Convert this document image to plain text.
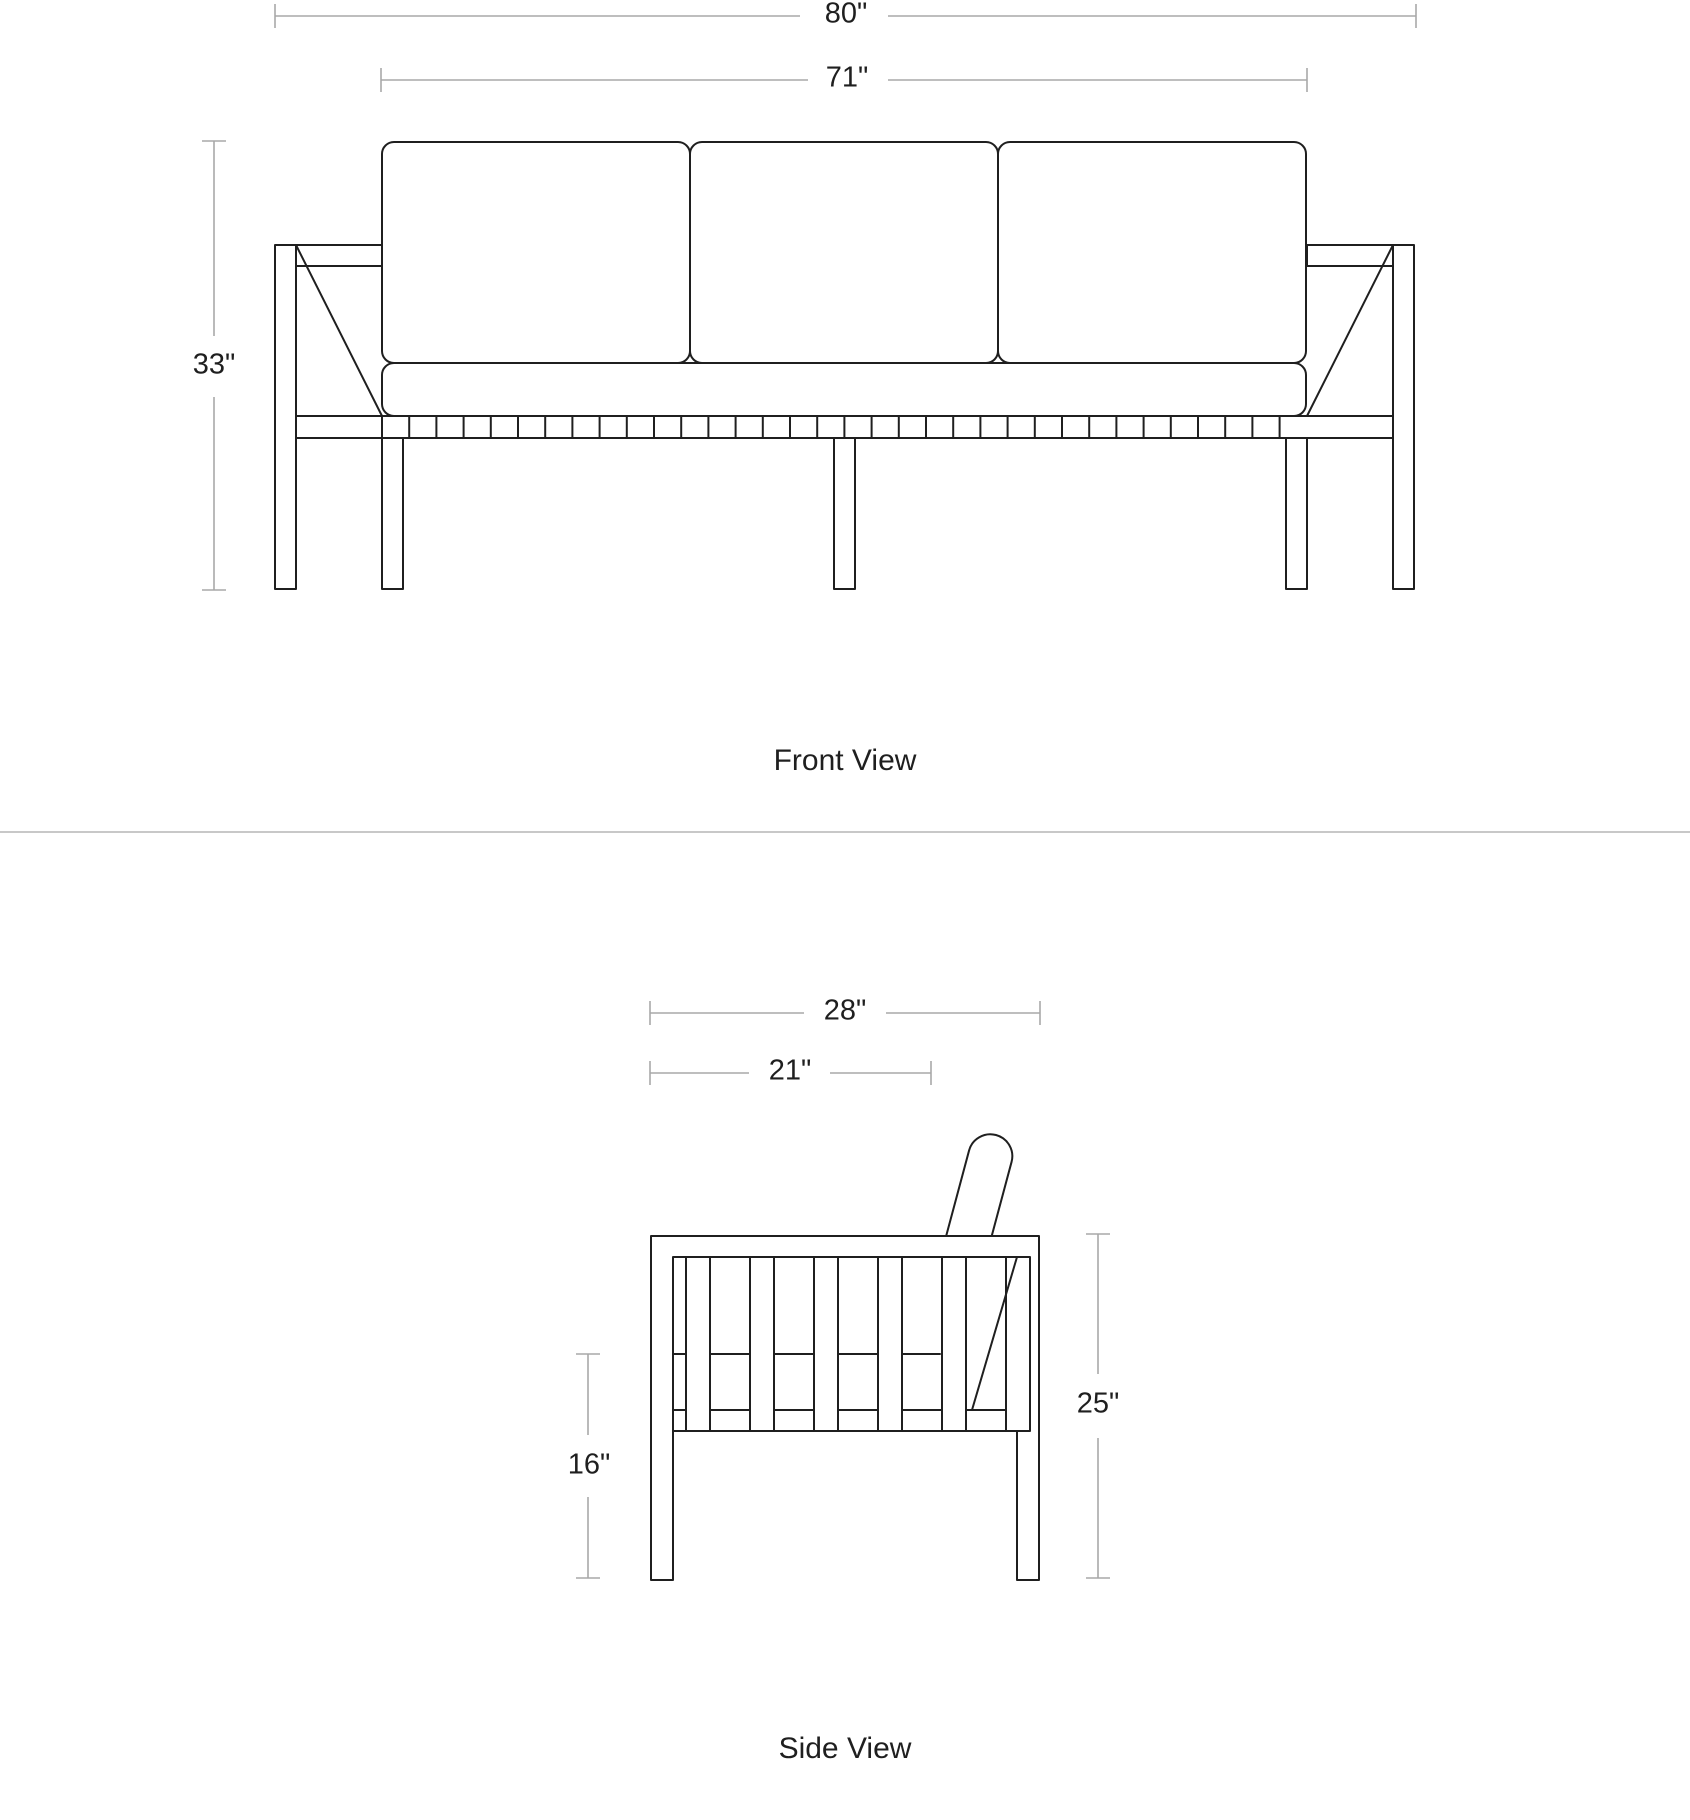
80"
71"
33"
Front View
28"
21"
16"
25"
Side View
